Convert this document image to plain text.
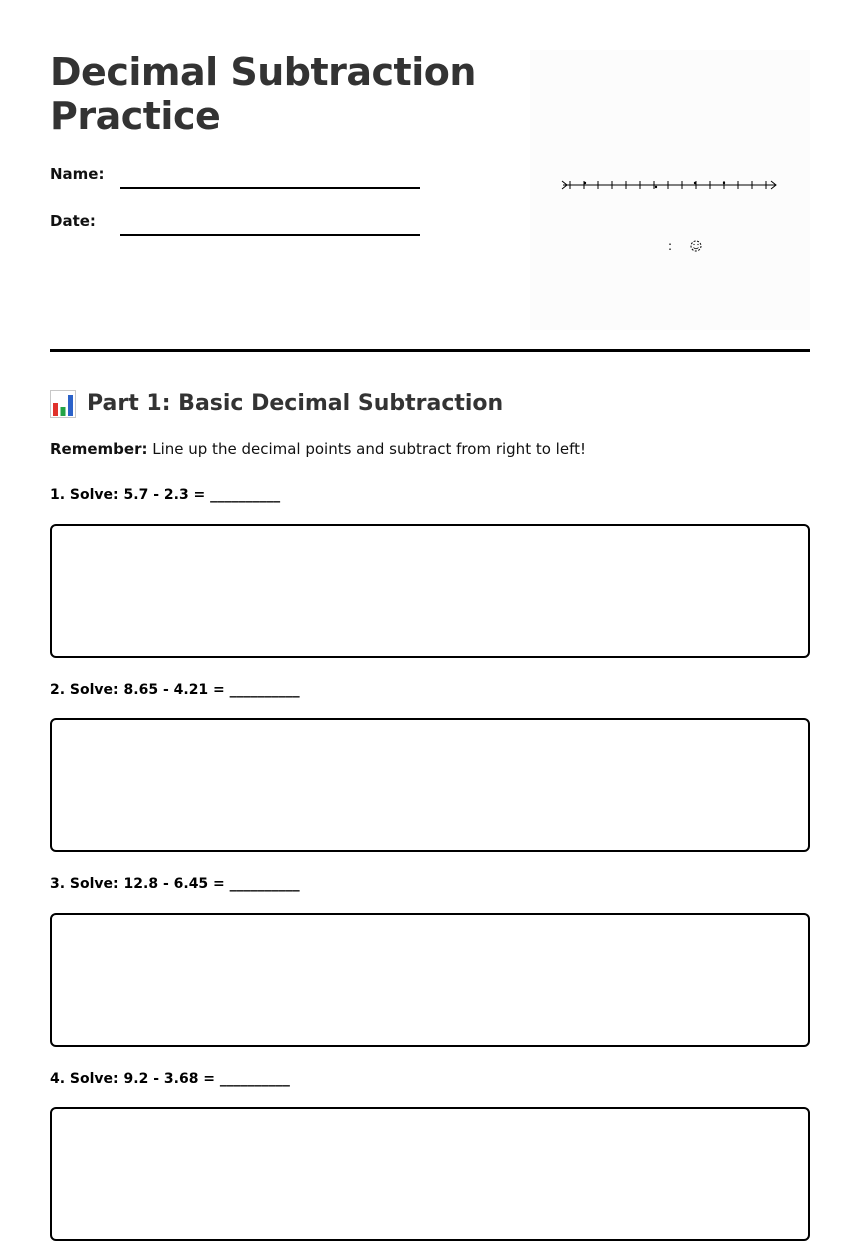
Decimal Subtraction Practice
Name:
Date:
:
Part 1: Basic Decimal Subtraction
Remember: Line up the decimal points and subtract from right to left!
1. Solve: 5.7 - 2.3 = __________
2. Solve: 8.65 - 4.21 = __________
3. Solve: 12.8 - 6.45 = __________
4. Solve: 9.2 - 3.68 = __________
